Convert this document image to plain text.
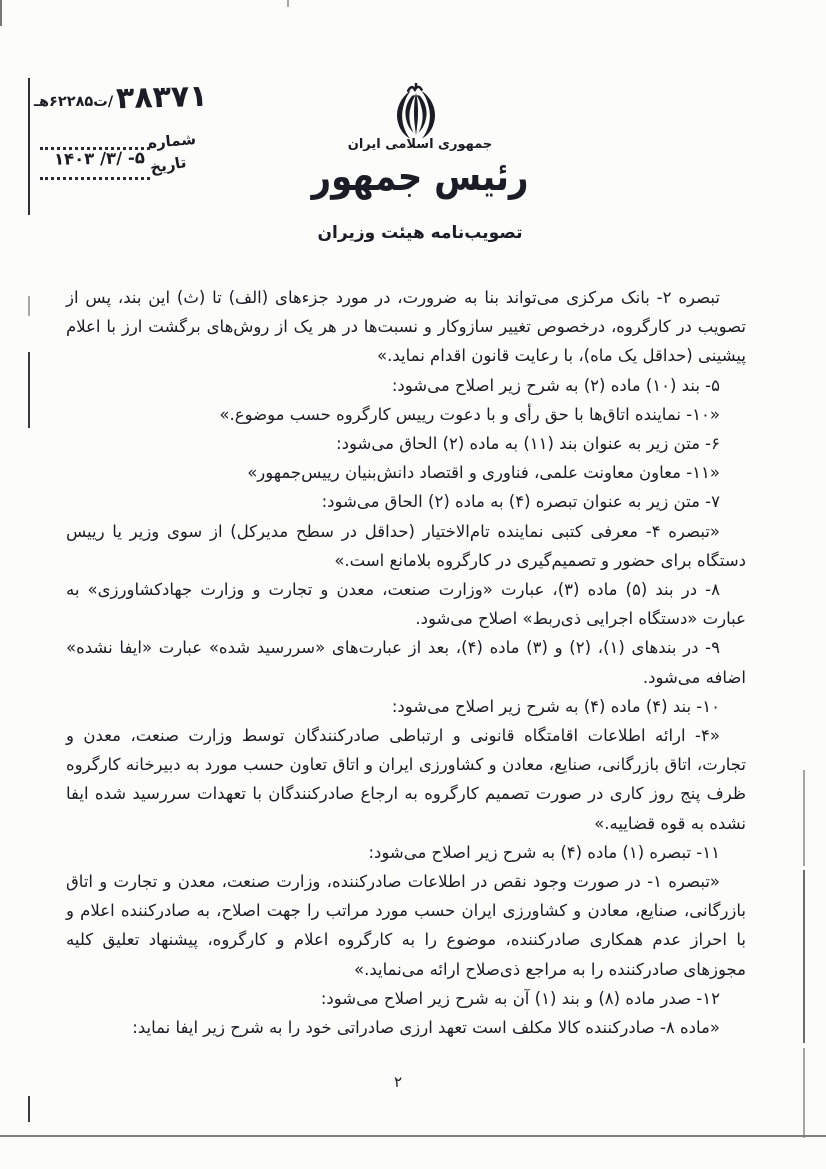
۳۸۳۷۱
/ت۶۲۲۸۵هـ
شماره
۵- /۳/ ۱۴۰۳ تاریخ
جمهوری اسلامی ایران
رئیس جمهور
تصویب‌نامه هیئت وزیران

تبصره ۲- بانک مرکزی می‌تواند بنا به ضرورت، در مورد جزءهای (الف) تا (ث) این بند، پس از تصویب در کارگروه، درخصوص تغییر سازوکار و نسبت‌ها در هر یک از روش‌های برگشت ارز با اعلام پیشینی (حداقل یک ماه)، با رعایت قانون اقدام نماید.»

۵- بند (۱۰) ماده (۲) به شرح زیر اصلاح می‌شود:

«۱۰- نماینده اتاق‌ها با حق رأی و با دعوت رییس کارگروه حسب موضوع.»

۶- متن زیر به عنوان بند (۱۱) به ماده (۲) الحاق می‌شود:

«۱۱- معاون معاونت علمی، فناوری و اقتصاد دانش‌بنیان رییس‌جمهور»

۷- متن زیر به عنوان تبصره (۴) به ماده (۲) الحاق می‌شود:

«تبصره ۴- معرفی کتبی نماینده تام‌الاختیار (حداقل در سطح مدیرکل) از سوی وزیر یا رییس دستگاه برای حضور و تصمیم‌گیری در کارگروه بلامانع است.»

۸- در بند (۵) ماده (۳)، عبارت «وزارت صنعت، معدن و تجارت و وزارت جهادکشاورزی» به عبارت «دستگاه اجرایی ذی‌ربط» اصلاح می‌شود.

۹- در بندهای (۱)، (۲) و (۳) ماده (۴)، بعد از عبارت‌های «سررسید شده» عبارت «ایفا نشده» اضافه می‌شود.

۱۰- بند (۴) ماده (۴) به شرح زیر اصلاح می‌شود:

«۴- ارائه اطلاعات اقامتگاه قانونی و ارتباطی صادرکنندگان توسط وزارت صنعت، معدن و تجارت، اتاق بازرگانی، صنایع، معادن و کشاورزی ایران و اتاق تعاون حسب مورد به دبیرخانه کارگروه ظرف پنج روز کاری در صورت تصمیم کارگروه به ارجاع صادرکنندگان با تعهدات سررسید شده ایفا نشده به قوه قضاییه.»

۱۱- تبصره (۱) ماده (۴) به شرح زیر اصلاح می‌شود:

«تبصره ۱- در صورت وجود نقص در اطلاعات صادرکننده، وزارت صنعت، معدن و تجارت و اتاق بازرگانی، صنایع، معادن و کشاورزی ایران حسب مورد مراتب را جهت اصلاح، به صادرکننده اعلام و با احراز عدم همکاری صادرکننده، موضوع را به کارگروه اعلام و کارگروه، پیشنهاد تعلیق کلیه مجوزهای صادرکننده را به مراجع ذی‌صلاح ارائه می‌نماید.»

۱۲- صدر ماده (۸) و بند (۱) آن به شرح زیر اصلاح می‌شود:

«ماده ۸- صادرکننده کالا مکلف است تعهد ارزی صادراتی خود را به شرح زیر ایفا نماید:

۲
